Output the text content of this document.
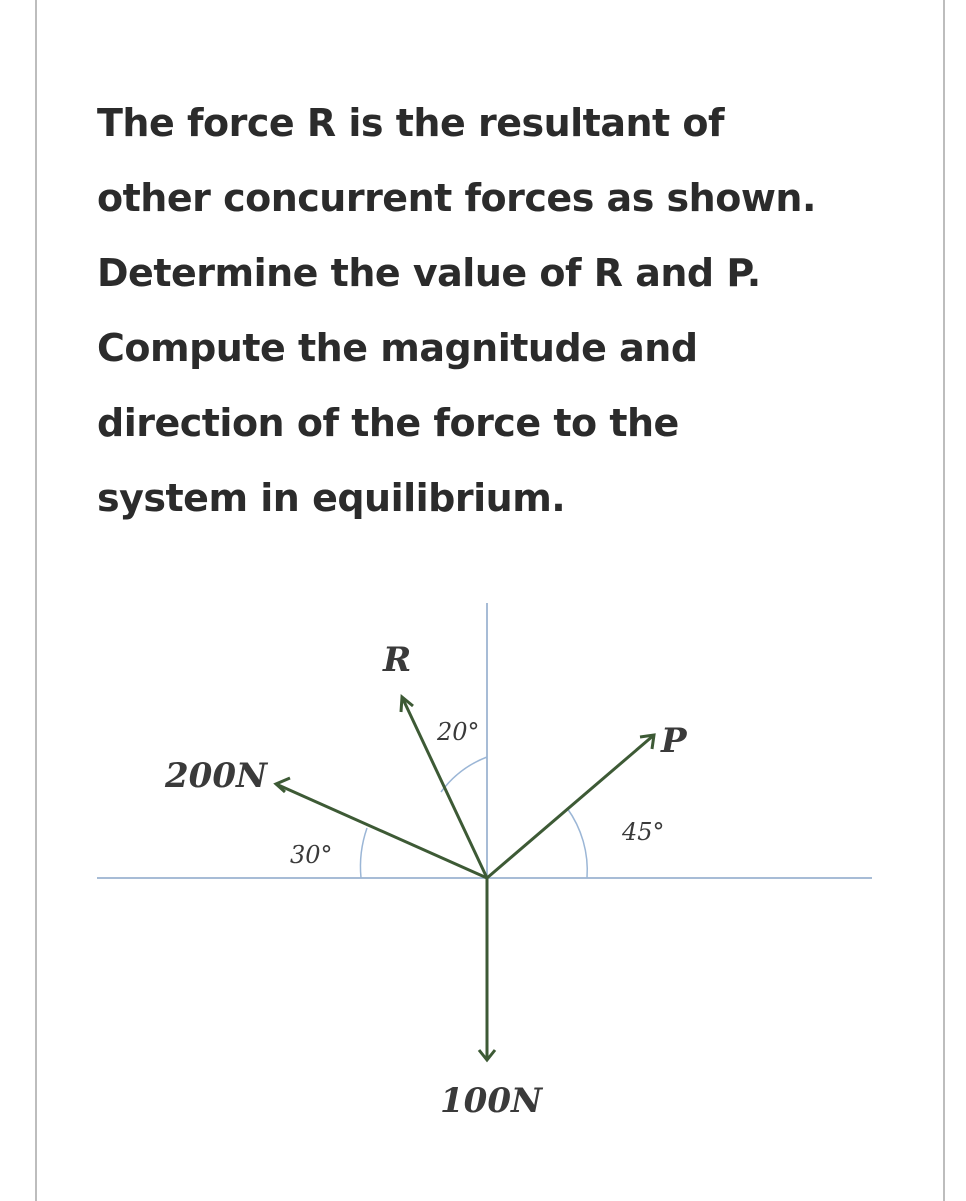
The force R is the resultant of
other concurrent forces as shown.
Determine the value of R and P.
Compute the magnitude and
direction of the force to the
system in equilibrium.
R
20°	P
200N
45°
30°
100N
